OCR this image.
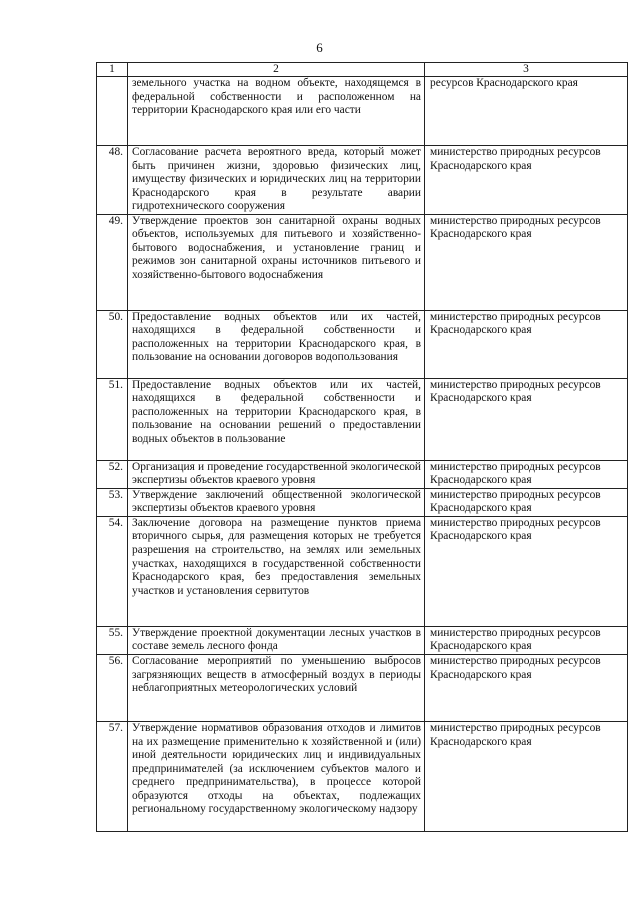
6
1	2	3
	земельного участка на водном объекте, находящемся в федеральной собственности и расположенном на территории Краснодарского края или его части	ресурсов Краснодарского края
48.	Согласование расчета вероятного вреда, который может быть причинен жизни, здоровью физических лиц, имуществу физических и юридических лиц на территории Краснодарского края в результате аварии гидротехнического сооружения	министерство природных ресурсов Краснодарского края
49.	Утверждение проектов зон санитарной охраны водных объектов, используемых для питьевого и хозяйственно-бытового водоснабжения, и установление границ и режимов зон санитарной охраны источников питьевого и хозяйственно-бытового водоснабжения	министерство природных ресурсов Краснодарского края
50.	Предоставление водных объектов или их частей, находящихся в федеральной собственности и расположенных на территории Краснодарского края, в пользование на основании договоров водопользования	министерство природных ресурсов Краснодарского края
51.	Предоставление водных объектов или их частей, находящихся в федеральной собственности и расположенных на территории Краснодарского края, в пользование на основании решений о предоставлении водных объектов в пользование	министерство природных ресурсов Краснодарского края
52.	Организация и проведение государственной экологической экспертизы объектов краевого уровня	министерство природных ресурсов Краснодарского края
53.	Утверждение заключений общественной экологической экспертизы объектов краевого уровня	министерство природных ресурсов Краснодарского края
54.	Заключение договора на размещение пунктов приема вторичного сырья, для размещения которых не требуется разрешения на строительство, на землях или земельных участках, находящихся в государственной собственности Краснодарского края, без предоставления земельных участков и установления сервитутов	министерство природных ресурсов Краснодарского края
55.	Утверждение проектной документации лесных участков в составе земель лесного фонда	министерство природных ресурсов Краснодарского края
56.	Согласование мероприятий по уменьшению выбросов загрязняющих веществ в атмосферный воздух в периоды неблагоприятных метеорологических условий	министерство природных ресурсов Краснодарского края
57.	Утверждение нормативов образования отходов и лимитов на их размещение применительно к хозяйственной и (или) иной деятельности юридических лиц и индивидуальных предпринимателей (за исключением субъектов малого и среднего предпринимательства), в процессе которой образуются отходы на объектах, подлежащих региональному государственному экологическому надзору	министерство природных ресурсов Краснодарского края
